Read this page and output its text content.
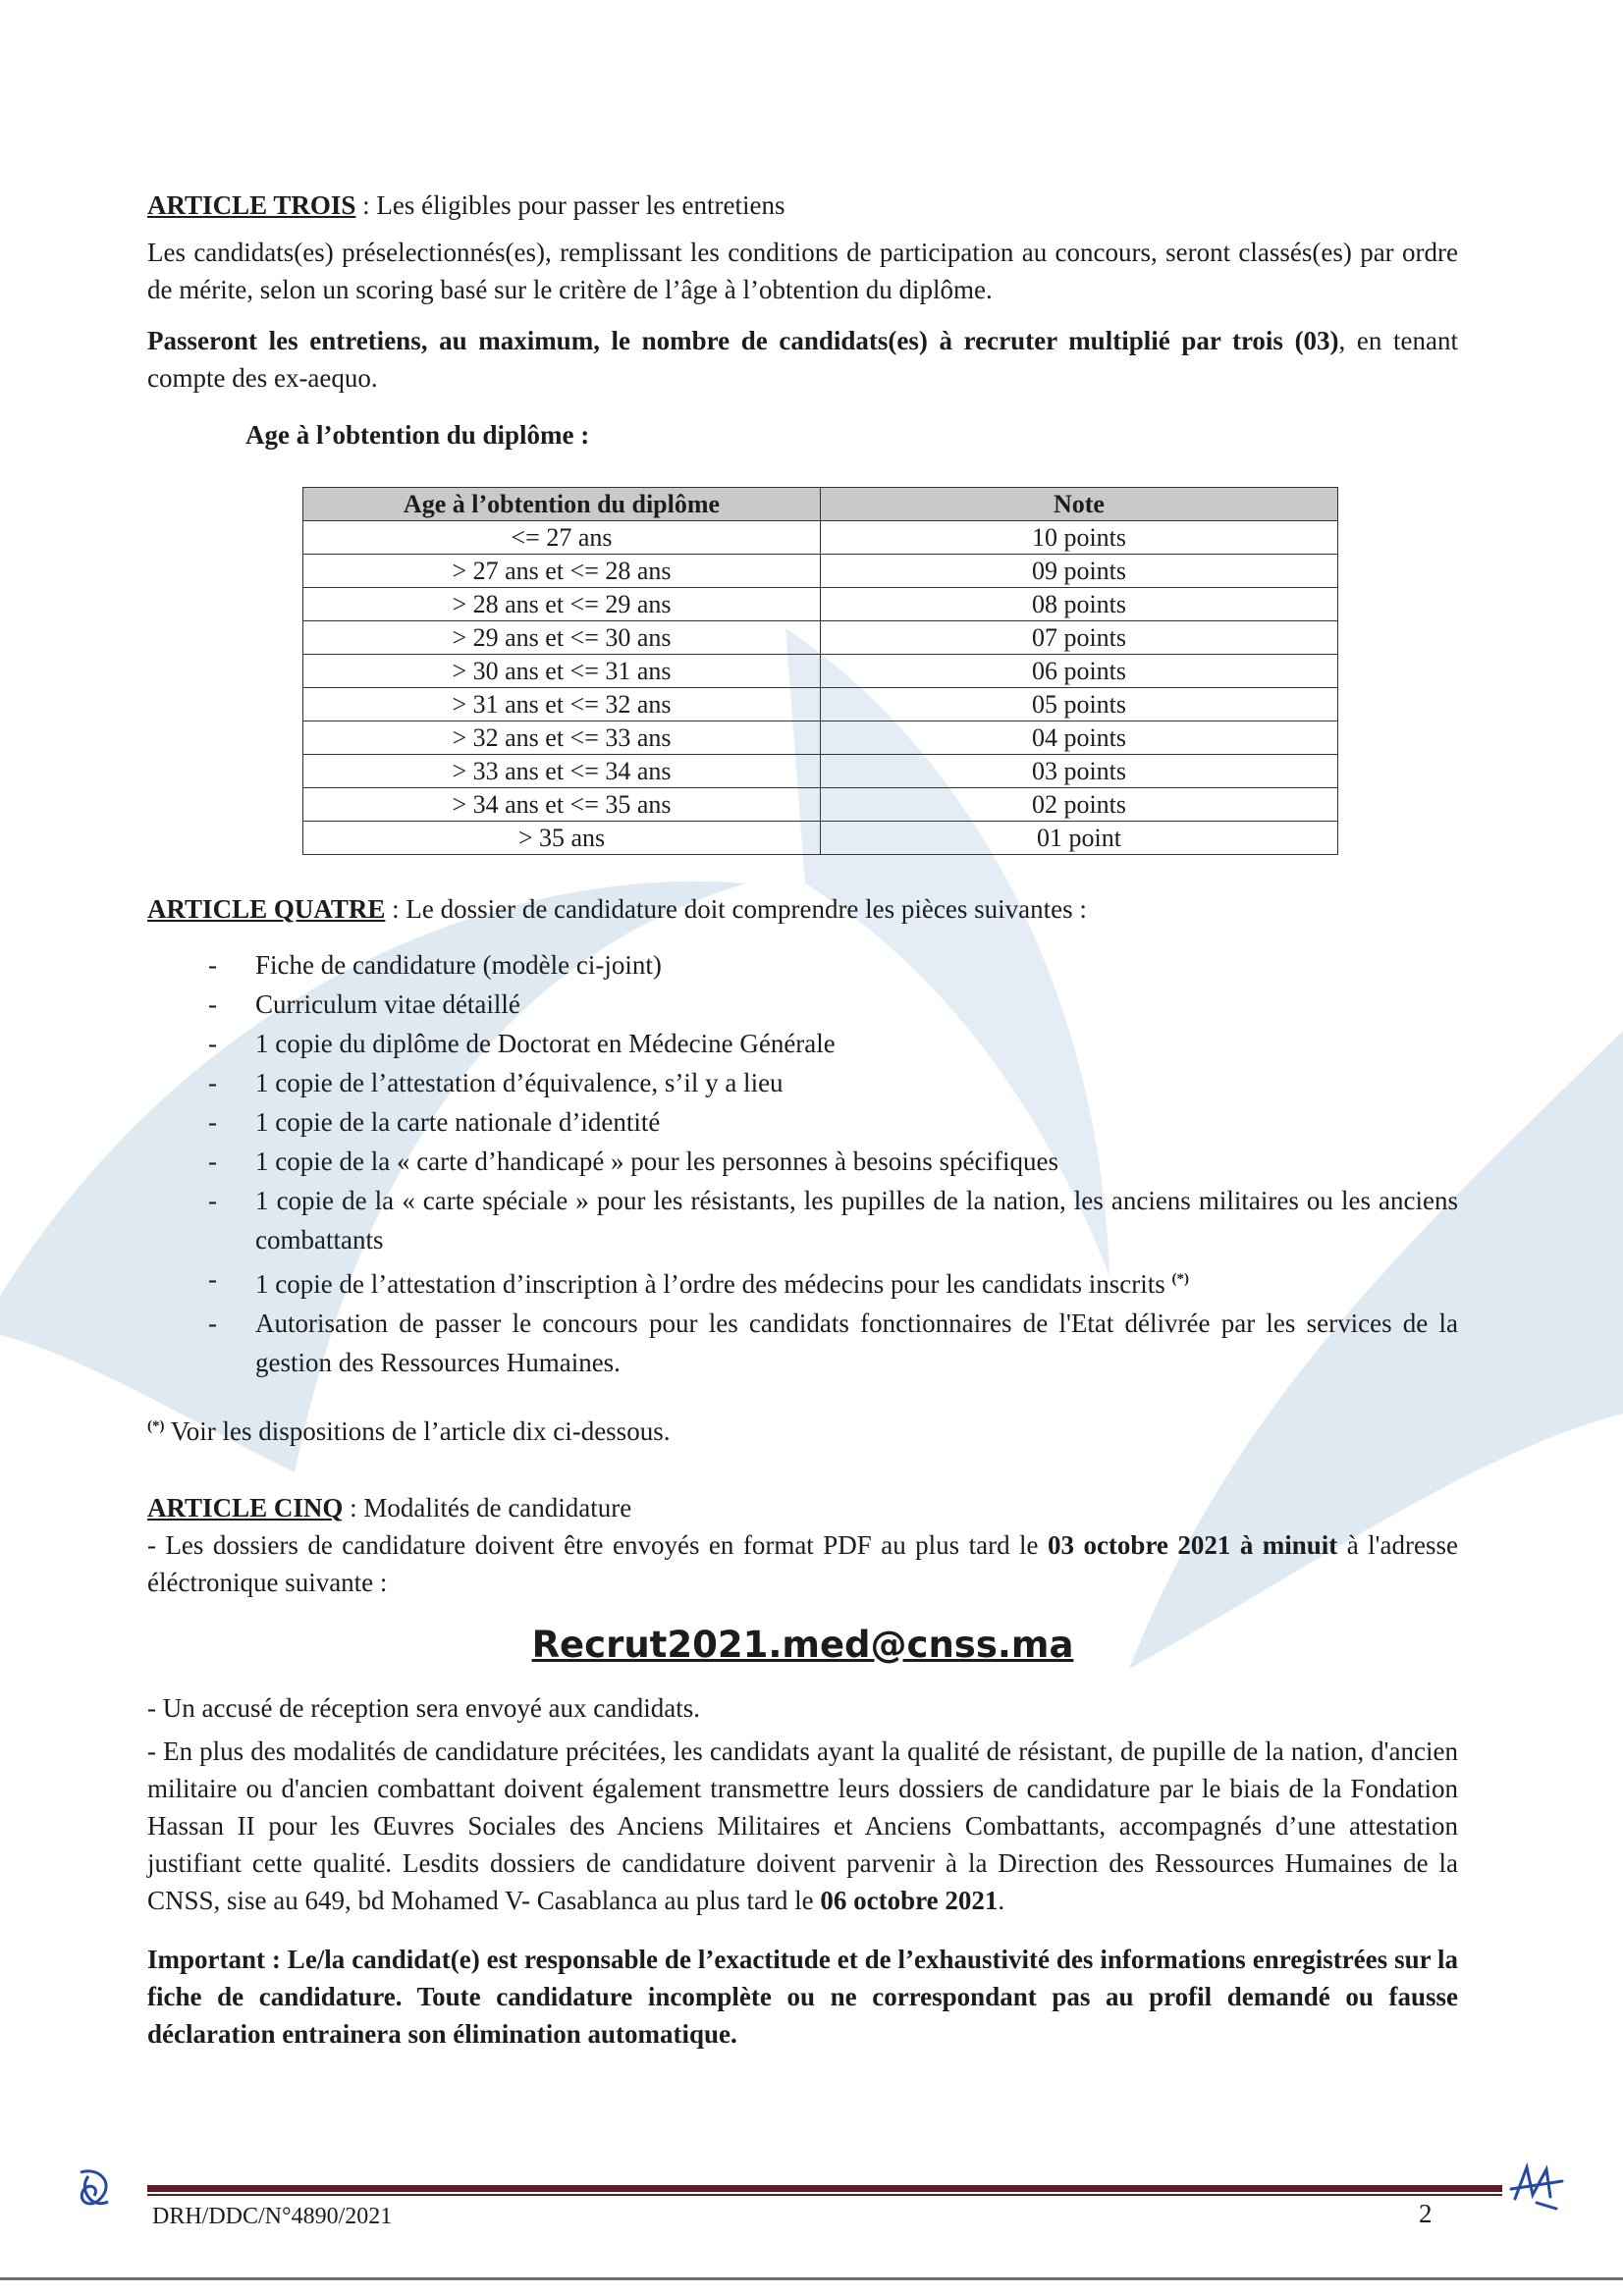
ARTICLE TROIS : Les éligibles pour passer les entretiens

Les candidats(es) préselectionnés(es), remplissant les conditions de participation au concours, seront classés(es) par ordre de mérite, selon un scoring basé sur le critère de l’âge à l’obtention du diplôme.

Passeront les entretiens, au maximum, le nombre de candidats(es) à recruter multiplié par trois (03), en tenant compte des ex-aequo.

Age à l’obtention du diplôme :

Age à l’obtention du diplôme	Note
<= 27 ans	10 points
> 27 ans et <= 28 ans	09 points
> 28 ans et <= 29 ans	08 points
> 29 ans et <= 30 ans	07 points
> 30 ans et <= 31 ans	06 points
> 31 ans et <= 32 ans	05 points
> 32 ans et <= 33 ans	04 points
> 33 ans et <= 34 ans	03 points
> 34 ans et <= 35 ans	02 points
> 35 ans	01 point

ARTICLE QUATRE : Le dossier de candidature doit comprendre les pièces suivantes :

- Fiche de candidature (modèle ci-joint)
- Curriculum vitae détaillé
- 1 copie du diplôme de Doctorat en Médecine Générale
- 1 copie de l’attestation d’équivalence, s’il y a lieu
- 1 copie de la carte nationale d’identité
- 1 copie de la « carte d’handicapé » pour les personnes à besoins spécifiques
- 1 copie de la « carte spéciale » pour les résistants, les pupilles de la nation, les anciens militaires ou les anciens combattants
- 1 copie de l’attestation d’inscription à l’ordre des médecins pour les candidats inscrits (*)
- Autorisation de passer le concours pour les candidats fonctionnaires de l'Etat délivrée par les services de la gestion des Ressources Humaines.

(*) Voir les dispositions de l’article dix ci-dessous.

ARTICLE CINQ : Modalités de candidature

- Les dossiers de candidature doivent être envoyés en format PDF au plus tard le 03 octobre 2021 à minuit à l'adresse éléctronique suivante :

Recrut2021.med@cnss.ma

- Un accusé de réception sera envoyé aux candidats.

- En plus des modalités de candidature précitées, les candidats ayant la qualité de résistant, de pupille de la nation, d'ancien militaire ou d'ancien combattant doivent également transmettre leurs dossiers de candidature par le biais de la Fondation Hassan II pour les Œuvres Sociales des Anciens Militaires et Anciens Combattants, accompagnés d’une attestation justifiant cette qualité. Lesdits dossiers de candidature doivent parvenir à la Direction des Ressources Humaines de la CNSS, sise au 649, bd Mohamed V- Casablanca au plus tard le 06 octobre 2021.

Important : Le/la candidat(e) est responsable de l’exactitude et de l’exhaustivité des informations enregistrées sur la fiche de candidature. Toute candidature incomplète ou ne correspondant pas au profil demandé ou fausse déclaration entrainera son élimination automatique.

DRH/DDC/N°4890/2021	2
